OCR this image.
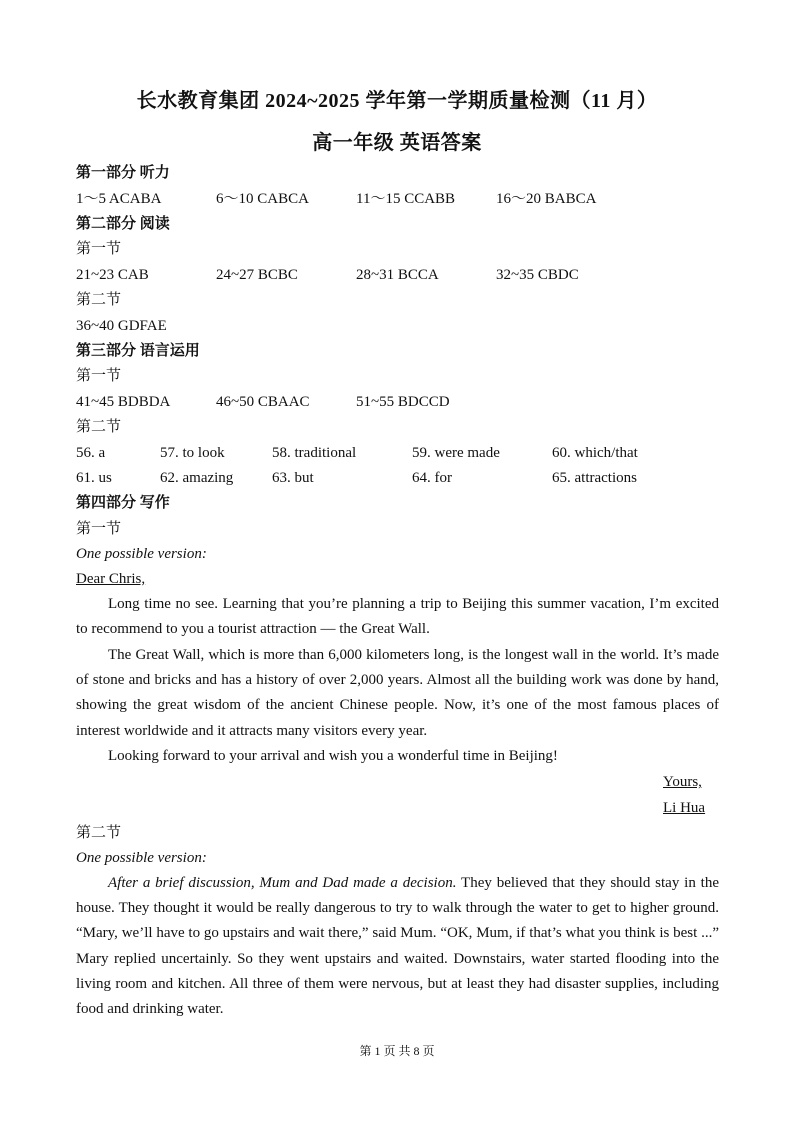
长水教育集团 2024~2025 学年第一学期质量检测（11 月）
高一年级 英语答案
第一部分 听力
1～5 ACABA	6～10 CABCA	11～15 CCABB	16～20 BABCA
第二部分 阅读
第一节
21~23 CAB	24~27 BCBC	28~31 BCCA	32~35 CBDC
第二节
36~40 GDFAE
第三部分 语言运用
第一节
41~45 BDBDA	46~50 CBAAC	51~55 BDCCD
第二节
56. a	57. to look	58. traditional	59. were made	60. which/that
61. us	62. amazing	63. but	64. for	65. attractions
第四部分 写作
第一节
One possible version:
Dear Chris,

Long time no see. Learning that you’re planning a trip to Beijing this summer vacation, I’m excited to recommend to you a tourist attraction — the Great Wall.

The Great Wall, which is more than 6,000 kilometers long, is the longest wall in the world. It’s made of stone and bricks and has a history of over 2,000 years. Almost all the building work was done by hand, showing the great wisdom of the ancient Chinese people. Now, it’s one of the most famous places of interest worldwide and it attracts many visitors every year.

Looking forward to your arrival and wish you a wonderful time in Beijing!

Yours,
Li Hua
第二节
One possible version:

After a brief discussion, Mum and Dad made a decision. They believed that they should stay in the house. They thought it would be really dangerous to try to walk through the water to get to higher ground. “Mary, we’ll have to go upstairs and wait there,” said Mum. “OK, Mum, if that’s what you think is best ...” Mary replied uncertainly. So they went upstairs and waited. Downstairs, water started flooding into the living room and kitchen. All three of them were nervous, but at least they had disaster supplies, including food and drinking water.

第 1 页 共 8 页
